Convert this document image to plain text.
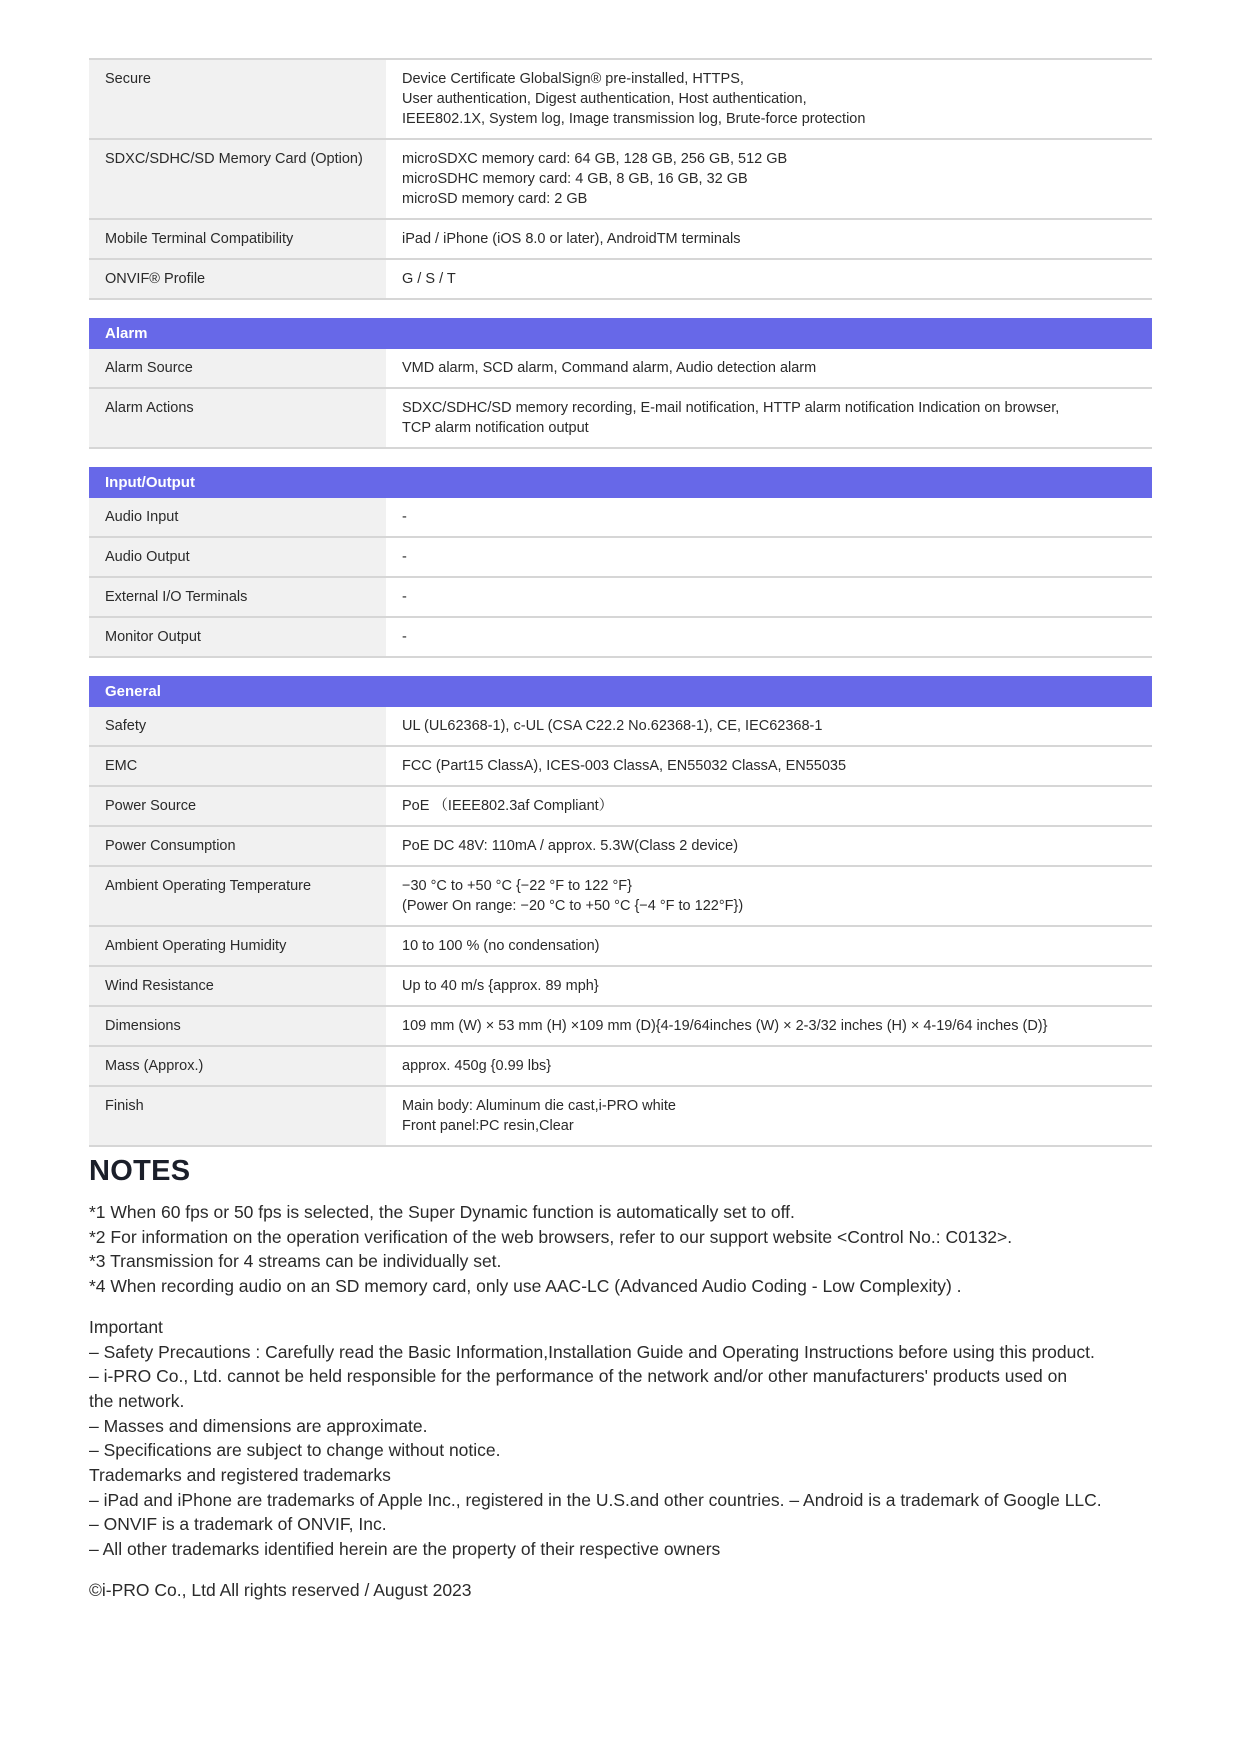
Secure	Device Certificate GlobalSign® pre-installed, HTTPS,
User authentication, Digest authentication, Host authentication,
IEEE802.1X, System log, Image transmission log, Brute-force protection
SDXC/SDHC/SD Memory Card (Option)	microSDXC memory card: 64 GB, 128 GB, 256 GB, 512 GB
microSDHC memory card: 4 GB, 8 GB, 16 GB, 32 GB
microSD memory card: 2 GB
Mobile Terminal Compatibility	iPad / iPhone (iOS 8.0 or later), AndroidTM terminals
ONVIF® Profile	G / S / T
Alarm
Alarm Source	VMD alarm, SCD alarm, Command alarm, Audio detection alarm
Alarm Actions	SDXC/SDHC/SD memory recording, E-mail notification, HTTP alarm notification Indication on browser,
TCP alarm notification output
Input/Output
Audio Input	-
Audio Output	-
External I/O Terminals	-
Monitor Output	-
General
Safety	UL (UL62368-1), c-UL (CSA C22.2 No.62368-1), CE, IEC62368-1
EMC	FCC (Part15 ClassA), ICES-003 ClassA, EN55032 ClassA, EN55035
Power Source	PoE （IEEE802.3af Compliant）
Power Consumption	PoE DC 48V: 110mA / approx. 5.3W(Class 2 device)
Ambient Operating Temperature	−30 °C to +50 °C {−22 °F to 122 °F}
(Power On range: −20 °C to +50 °C {−4 °F to 122°F})
Ambient Operating Humidity	10 to 100 % (no condensation)
Wind Resistance	Up to 40 m/s {approx. 89 mph}
Dimensions	109 mm (W) × 53 mm (H) ×109 mm (D){4-19/64inches (W) × 2-3/32 inches (H) × 4-19/64 inches (D)}
Mass (Approx.)	approx. 450g {0.99 lbs}
Finish	Main body: Aluminum die cast,i-PRO white
Front panel:PC resin,Clear
NOTES
*1 When 60 fps or 50 fps is selected, the Super Dynamic function is automatically set to off.
*2 For information on the operation verification of the web browsers, refer to our support website <Control No.: C0132>.
*3 Transmission for 4 streams can be individually set.
*4 When recording audio on an SD memory card, only use AAC-LC (Advanced Audio Coding - Low Complexity) .
Important
– Safety Precautions : Carefully read the Basic Information,Installation Guide and Operating Instructions before using this product.
– i-PRO Co., Ltd. cannot be held responsible for the performance of the network and/or other manufacturers' products used on
the network.
– Masses and dimensions are approximate.
– Specifications are subject to change without notice.
Trademarks and registered trademarks
– iPad and iPhone are trademarks of Apple Inc., registered in the U.S.and other countries. – Android is a trademark of Google LLC.
– ONVIF is a trademark of ONVIF, Inc.
– All other trademarks identified herein are the property of their respective owners
©i-PRO Co., Ltd All rights reserved / August 2023
